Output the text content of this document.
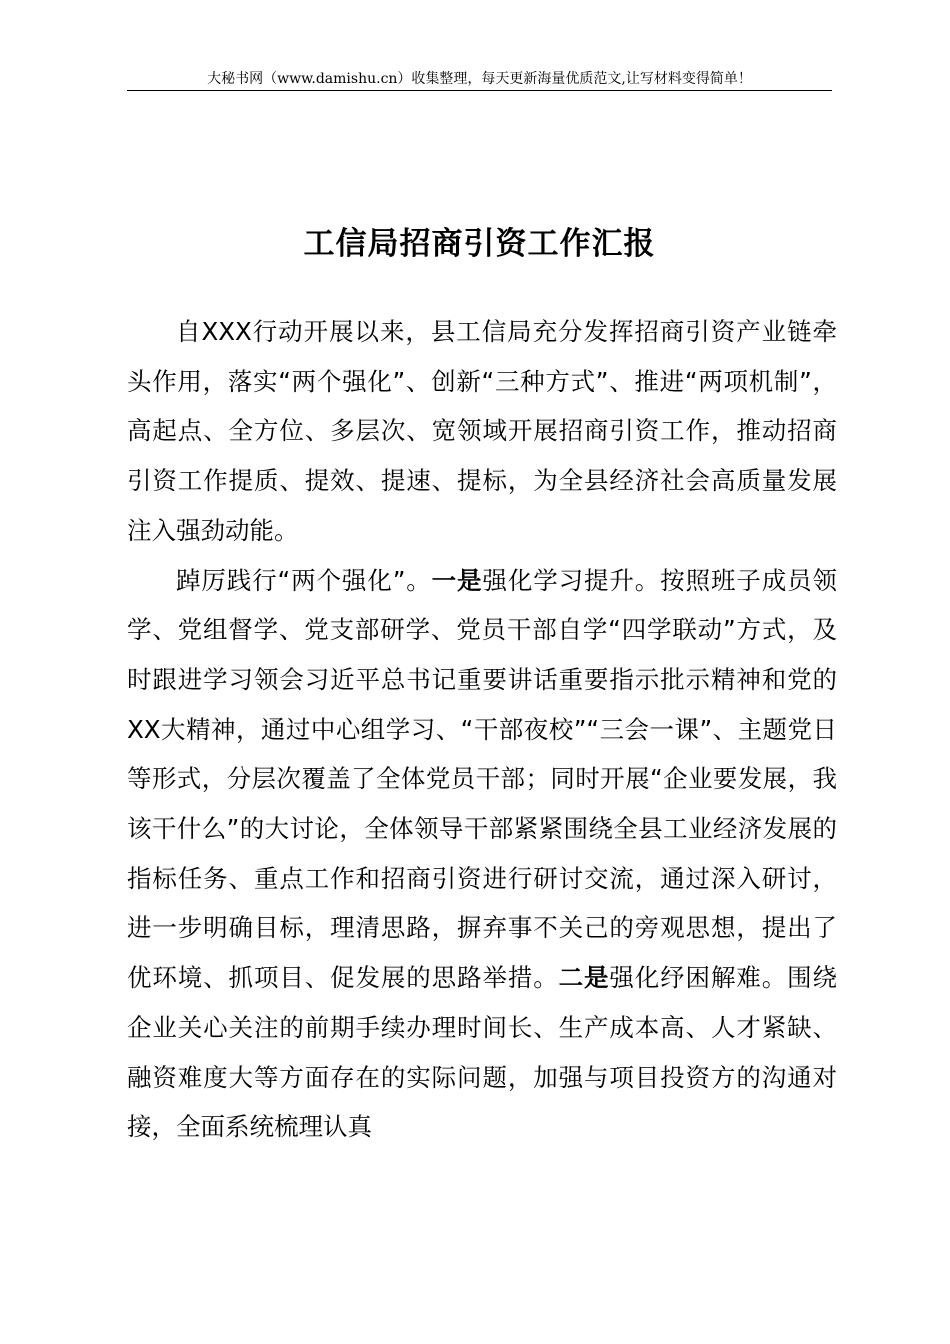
大秘书网（www.damishu.cn）收集整理，每天更新海量优质范文,让写材料变得简单！
工信局招商引资工作汇报

自XXX行动开展以来，县工信局充分发挥招商引资产业链牵头作用，落实“两个强化”、创新“三种方式”、推进“两项机制”，高起点、全方位、多层次、宽领域开展招商引资工作，推动招商引资工作提质、提效、提速、提标，为全县经济社会高质量发展注入强劲动能。

踔厉践行“两个强化”。一是强化学习提升。按照班子成员领学、党组督学、党支部研学、党员干部自学“四学联动”方式，及时跟进学习领会习近平总书记重要讲话重要指示批示精神和党的XX大精神，通过中心组学习、“干部夜校”“三会一课”、主题党日等形式，分层次覆盖了全体党员干部；同时开展“企业要发展，我该干什么”的大讨论，全体领导干部紧紧围绕全县工业经济发展的指标任务、重点工作和招商引资进行研讨交流，通过深入研讨，进一步明确目标，理清思路，摒弃事不关己的旁观思想，提出了优环境、抓项目、促发展的思路举措。二是强化纾困解难。围绕企业关心关注的前期手续办理时间长、生产成本高、人才紧缺、融资难度大等方面存在的实际问题，加强与项目投资方的沟通对接，全面系统梳理认真
